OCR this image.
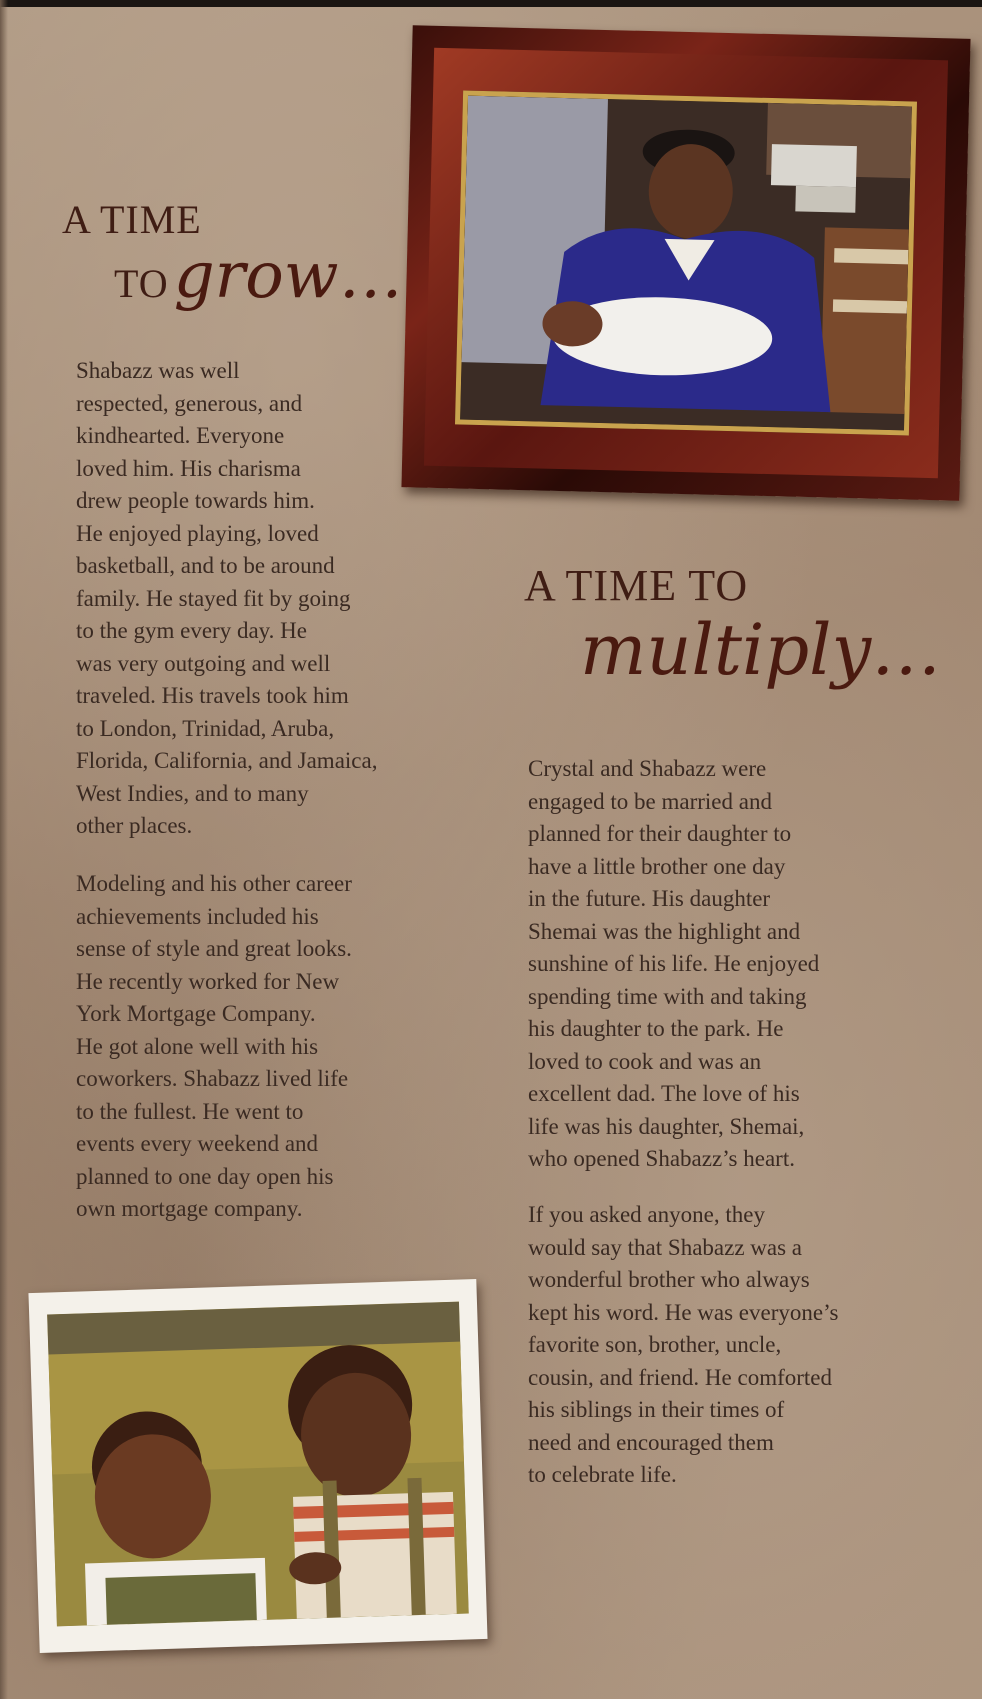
A TIME
TO grow…
Shabazz was well
respected, generous, and
kindhearted. Everyone
loved him. His charisma
drew people towards him.
He enjoyed playing, loved
basketball, and to be around
family. He stayed fit by going
to the gym every day. He
was very outgoing and well
traveled. His travels took him
to London, Trinidad, Aruba,
Florida, California, and Jamaica,
West Indies, and to many
other places.
Modeling and his other career
achievements included his
sense of style and great looks.
He recently worked for New
York Mortgage Company.
He got alone well with his
coworkers. Shabazz lived life
to the fullest. He went to
events every weekend and
planned to one day open his
own mortgage company.
A TIME TO
multiply…
Crystal and Shabazz were
engaged to be married and
planned for their daughter to
have a little brother one day
in the future. His daughter
Shemai was the highlight and
sunshine of his life. He enjoyed
spending time with and taking
his daughter to the park. He
loved to cook and was an
excellent dad. The love of his
life was his daughter, Shemai,
who opened Shabazz’s heart.
If you asked anyone, they
would say that Shabazz was a
wonderful brother who always
kept his word. He was everyone’s
favorite son, brother, uncle,
cousin, and friend. He comforted
his siblings in their times of
need and encouraged them
to celebrate life.
